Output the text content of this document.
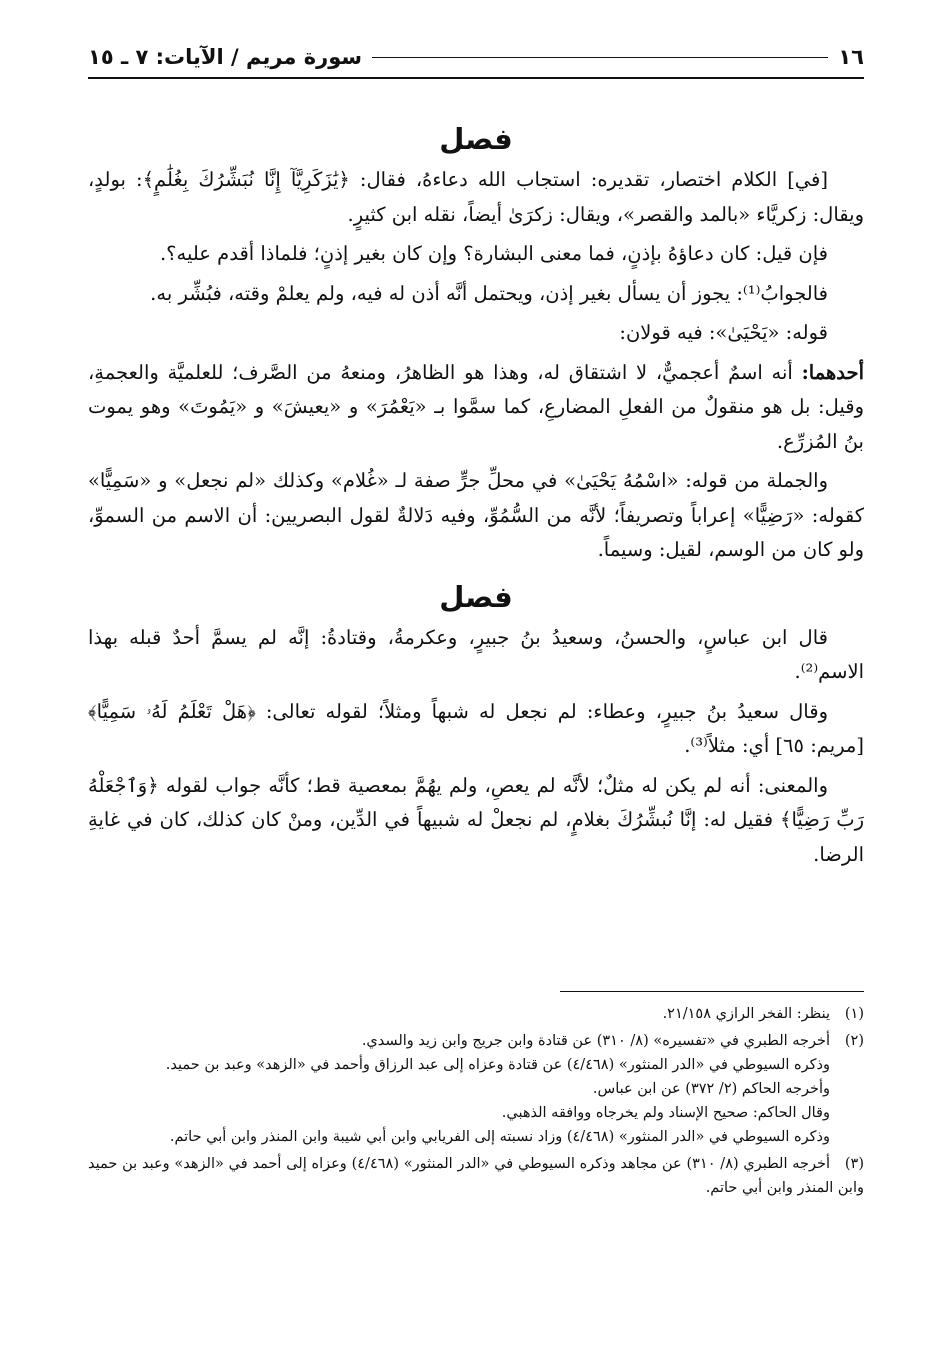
١٦
سورة مريم / الآيات: ٧ ـ ١٥
فصل

[في] الكلام اختصار، تقديره: استجاب الله دعاءهُ، فقال: ﴿يَٰزَكَرِيَّآ إِنَّا نُبَشِّرُكَ بِغُلَٰمٍ﴾: بولدٍ، ويقال: زكريَّاء «بالمد والقصر»، ويقال: زكرَىٰ أيضاً، نقله ابن كثيرٍ.

فإن قيل: كان دعاؤهُ بإذنٍ، فما معنى البشارة؟ وإن كان بغير إذنٍ؛ فلماذا أقدم عليه؟.

فالجوابُ⁽¹⁾: يجوز أن يسأل بغير إذن، ويحتمل أنَّه أذن له فيه، ولم يعلمْ وقته، فبُشِّر به.

قوله: «يَحْيَىٰ»: فيه قولان:

أحدهما: أنه اسمٌ أعجميٌّ، لا اشتقاق له، وهذا هو الظاهرُ، ومنعهُ من الصَّرف؛ للعلميَّة والعجمةِ، وقيل: بل هو منقولٌ من الفعلِ المضارعِ، كما سمَّوا بـ «يَعْمُرَ» و «يعيشَ» و «يَمُوتَ» وهو يموت بنُ المُزرِّع.

والجملة من قوله: «اسْمُهُ يَحْيَىٰ» في محلِّ جرٍّ صفة لـ «غُلام» وكذلك «لم نجعل» و «سَمِيًّا» كقوله: «رَضِيًّا» إعراباً وتصريفاً؛ لأنَّه من السُّمُوِّ، وفيه دَلالةٌ لقول البصريين: أن الاسم من السموِّ، ولو كان من الوسم، لقيل: وسيماً.

فصل

قال ابن عباسٍ، والحسنُ، وسعيدُ بنُ جبيرٍ، وعكرمةُ، وقتادةُ: إنَّه لم يسمَّ أحدٌ قبله بهذا الاسم⁽²⁾.

وقال سعيدُ بنُ جبيرٍ، وعطاء: لم نجعل له شبهاً ومثلاً؛ لقوله تعالى: ﴿هَلْ تَعْلَمُ لَهُۥ سَمِيًّا﴾ [مريم: ٦٥] أي: مثلاً⁽³⁾.

والمعنى: أنه لم يكن له مثلٌ؛ لأنَّه لم يعصِ، ولم يهُمَّ بمعصية قط؛ كأنَّه جواب لقوله ﴿وَٱجْعَلْهُ رَبِّ رَضِيًّا﴾ فقيل له: إنَّا نُبشِّرُكَ بغلامٍ، لم نجعلْ له شبيهاً في الدِّين، ومنْ كان كذلك، كان في غايةِ الرضا.

(١)ينظر: الفخر الرازي ٢١/١٥٨.
(٢)أخرجه الطبري في «تفسيره» (٨/ ٣١٠) عن قتادة وابن جريج وابن زيد والسدي.
وذكره السيوطي في «الدر المنثور» (٤/٤٦٨) عن قتادة وعزاه إلى عبد الرزاق وأحمد في «الزهد» وعبد بن حميد.
وأخرجه الحاكم (٢/ ٣٧٢) عن ابن عباس.
وقال الحاكم: صحيح الإسناد ولم يخرجاه ووافقه الذهبي.
وذكره السيوطي في «الدر المنثور» (٤/٤٦٨) وزاد نسبته إلى الفريابي وابن أبي شيبة وابن المنذر وابن أبي حاتم.
(٣)أخرجه الطبري (٨/ ٣١٠) عن مجاهد وذكره السيوطي في «الدر المنثور» (٤/٤٦٨) وعزاه إلى أحمد في «الزهد» وعبد بن حميد وابن المنذر وابن أبي حاتم.
